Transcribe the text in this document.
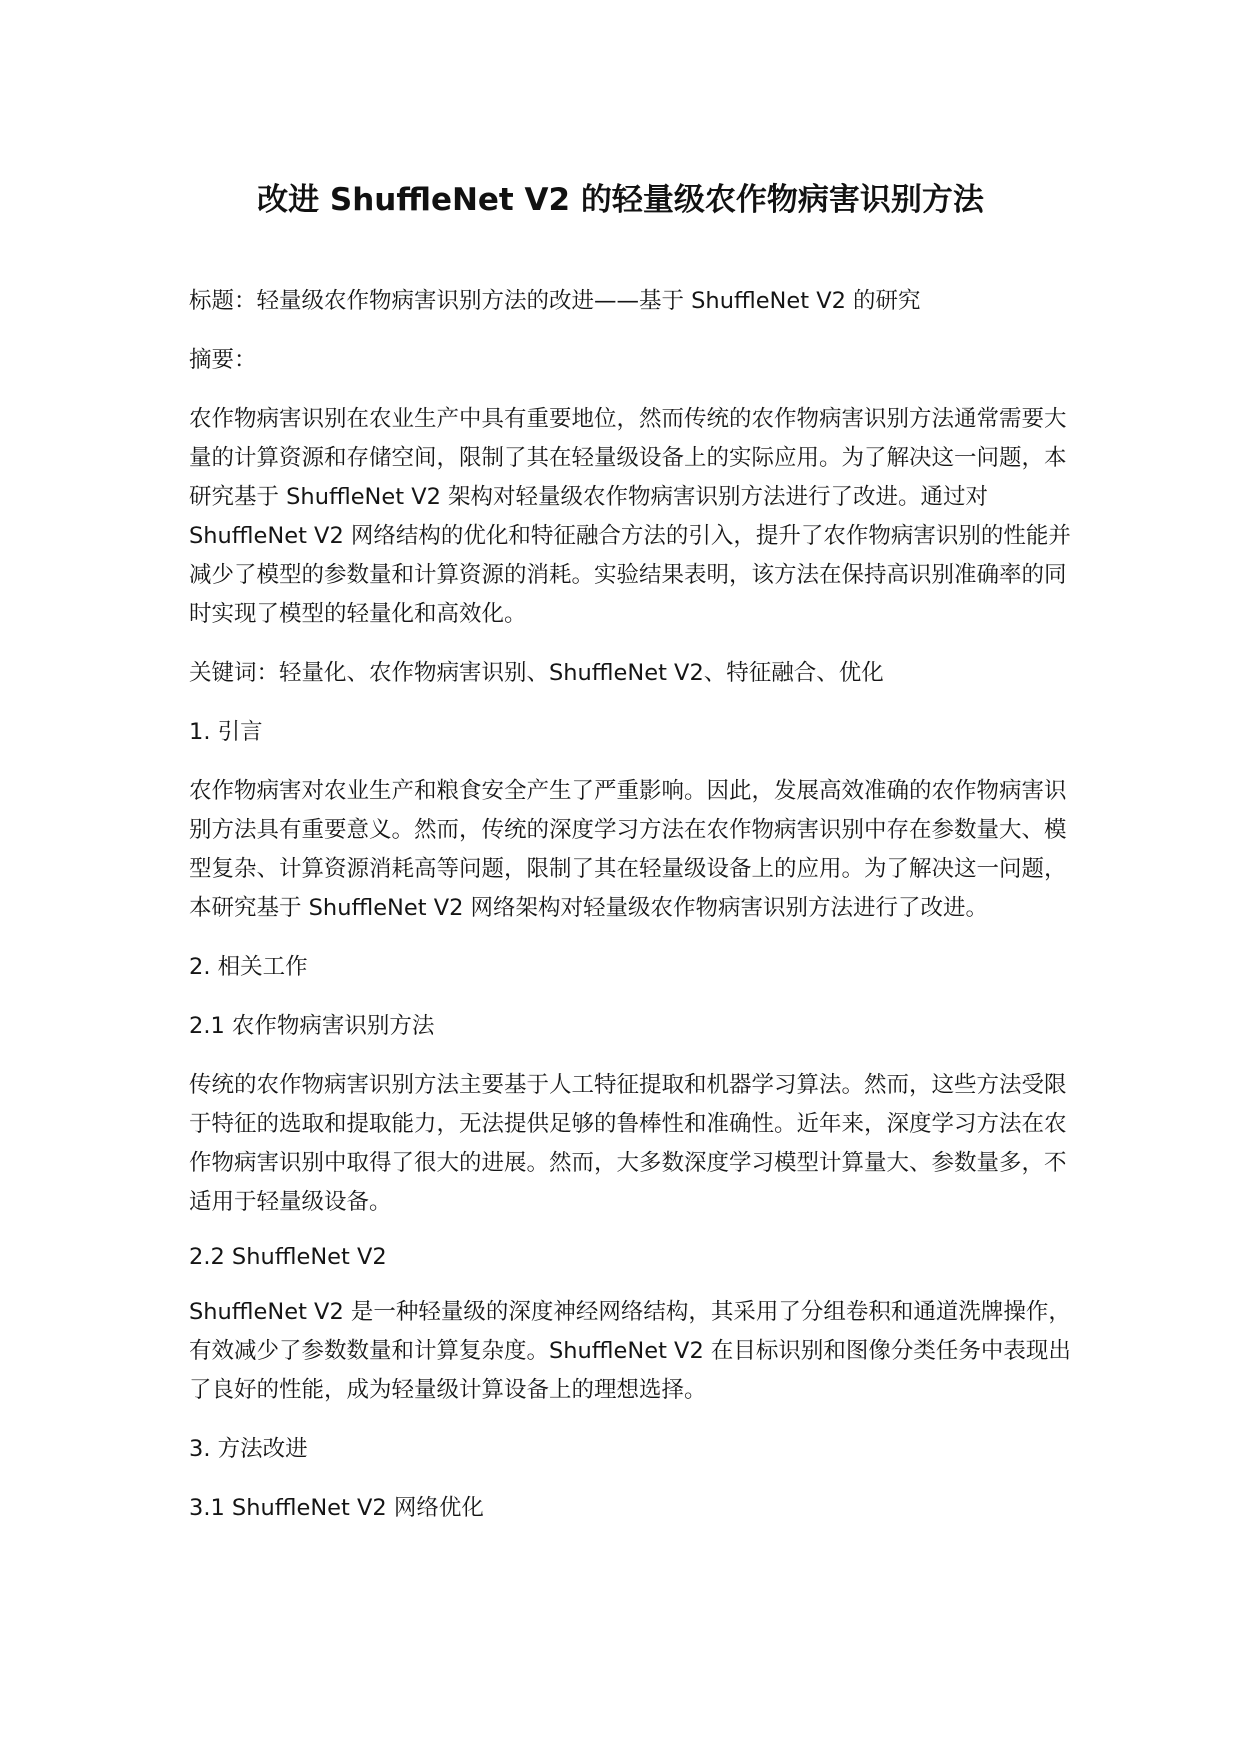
改进 ShuffleNet V2 的轻量级农作物病害识别方法

标题：轻量级农作物病害识别方法的改进——基于 ShuffleNet V2 的研究

摘要：

农作物病害识别在农业生产中具有重要地位，然而传统的农作物病害识别方法通常需要大量的计算资源和存储空间，限制了其在轻量级设备上的实际应用。为了解决这一问题，本研究基于 ShuffleNet V2 架构对轻量级农作物病害识别方法进行了改进。通过对 ShuffleNet V2 网络结构的优化和特征融合方法的引入，提升了农作物病害识别的性能并减少了模型的参数量和计算资源的消耗。实验结果表明，该方法在保持高识别准确率的同时实现了模型的轻量化和高效化。

关键词：轻量化、农作物病害识别、ShuffleNet V2、特征融合、优化

1. 引言

农作物病害对农业生产和粮食安全产生了严重影响。因此，发展高效准确的农作物病害识别方法具有重要意义。然而，传统的深度学习方法在农作物病害识别中存在参数量大、模型复杂、计算资源消耗高等问题，限制了其在轻量级设备上的应用。为了解决这一问题，本研究基于 ShuffleNet V2 网络架构对轻量级农作物病害识别方法进行了改进。

2. 相关工作

2.1 农作物病害识别方法

传统的农作物病害识别方法主要基于人工特征提取和机器学习算法。然而，这些方法受限于特征的选取和提取能力，无法提供足够的鲁棒性和准确性。近年来，深度学习方法在农作物病害识别中取得了很大的进展。然而，大多数深度学习模型计算量大、参数量多，不适用于轻量级设备。

2.2 ShuffleNet V2

ShuffleNet V2 是一种轻量级的深度神经网络结构，其采用了分组卷积和通道洗牌操作，有效减少了参数数量和计算复杂度。ShuffleNet V2 在目标识别和图像分类任务中表现出了良好的性能，成为轻量级计算设备上的理想选择。

3. 方法改进

3.1 ShuffleNet V2 网络优化
